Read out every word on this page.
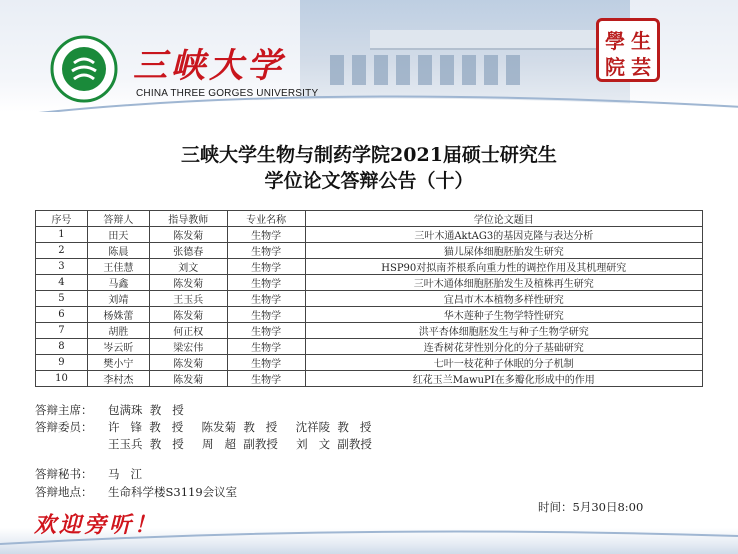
三峡大学
CHINA THREE GORGES UNIVERSITY
學 生
院 芸
三峡大学生物与制药学院2021届硕士研究生
学位论文答辩公告（十）
序号	答辩人	指导教师	专业名称	学位论文题目
1	田天	陈发菊	生物学	三叶木通AktAG3的基因克隆与表达分析
2	陈晨	张德春	生物学	猫儿屎体细胞胚胎发生研究
3	王佳慧	刘文	生物学	HSP90对拟南芥根系向重力性的调控作用及其机理研究
4	马鑫	陈发菊	生物学	三叶木通体细胞胚胎发生及植株再生研究
5	刘靖	王玉兵	生物学	宜昌市木本植物多样性研究
6	杨姝蕾	陈发菊	生物学	华木莲种子生物学特性研究
7	胡胜	何正权	生物学	洪平杏体细胞胚发生与种子生物学研究
8	岑云昕	梁宏伟	生物学	连香树花芽性别分化的分子基础研究
9	樊小宁	陈发菊	生物学	七叶一枝花种子休眠的分子机制
10	李村杰	陈发菊	生物学	红花玉兰MawuPI在多瓣化形成中的作用
答辩主席： 包满珠  教   授
答辩委员： 许   锋  教   授     陈发菊  教   授     沈祥陵  教   授
王玉兵  教   授     周   超  副教授     刘   文  副教授
答辩秘书： 马   江
答辩地点： 生命科学楼S3119会议室
时间：5月30日8:00
欢迎旁听！
